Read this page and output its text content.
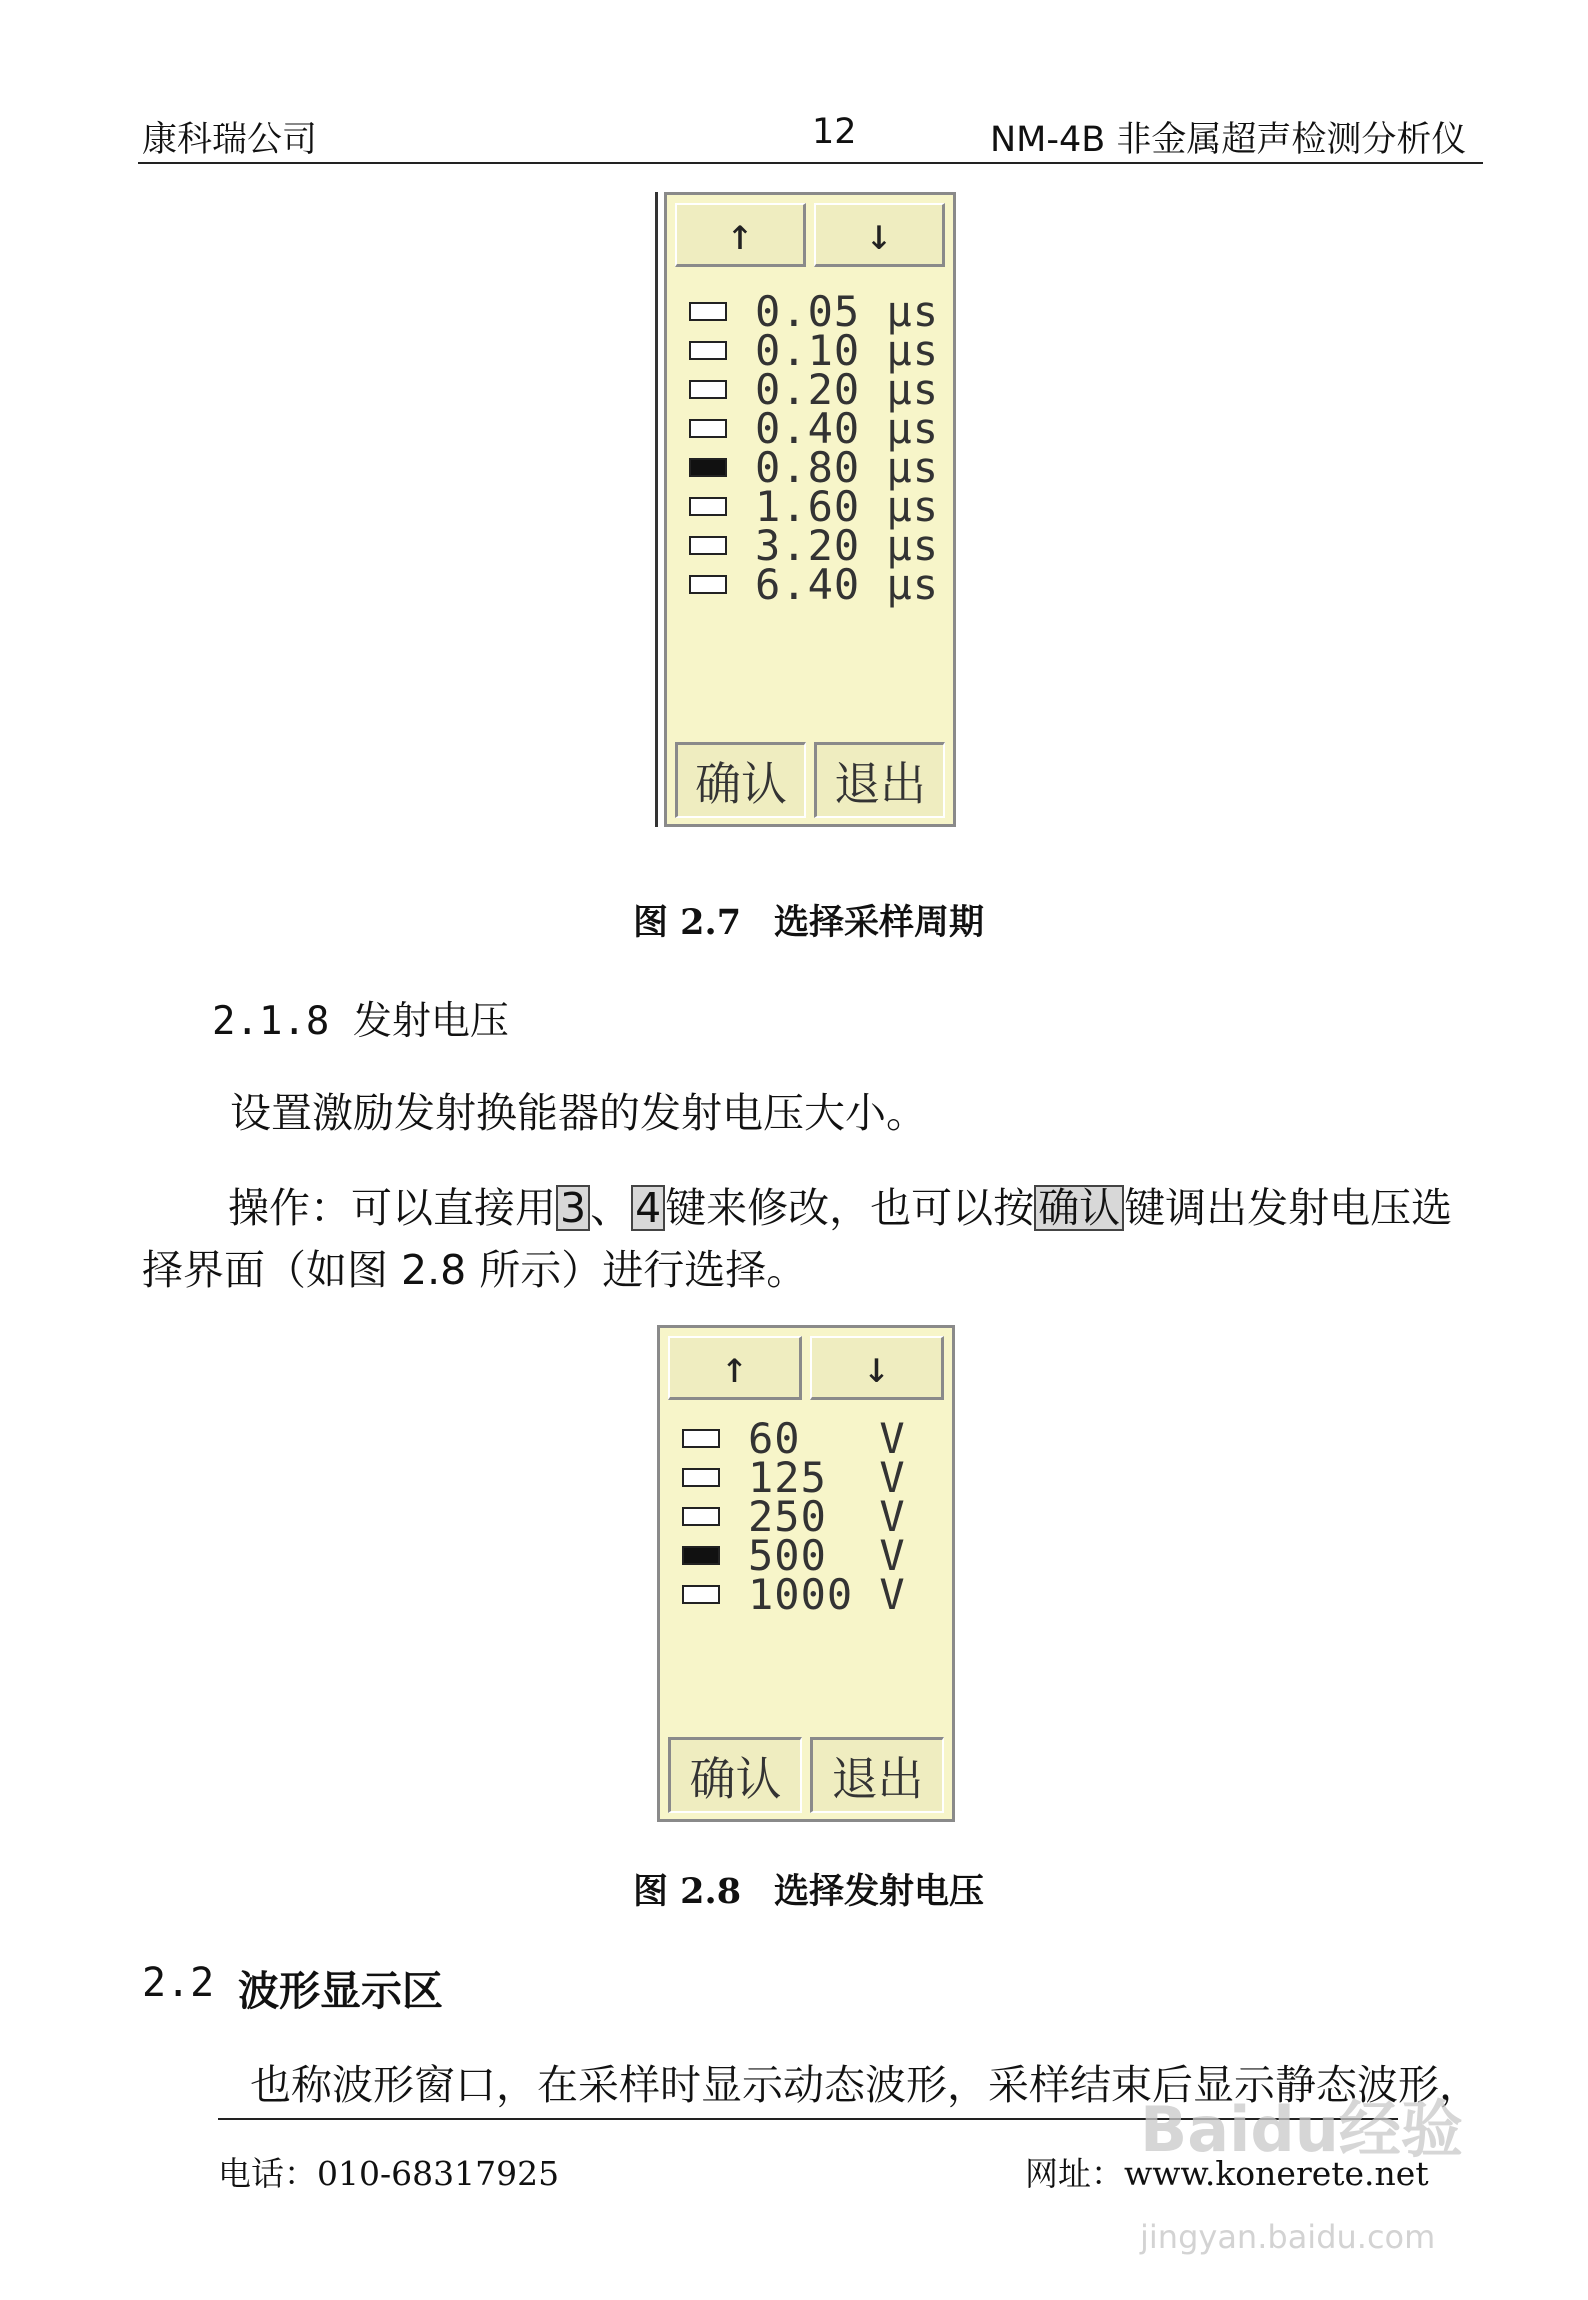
康科瑞公司	12	NM-4B 非金属超声检测分析仪
↑	↓
0.05 μs
0.10 μs
0.20 μs
0.40 μs
0.80 μs
1.60 μs
3.20 μs
6.40 μs
确认	退出
图 2.7 选择采样周期
2.1.8 发射电压
设置激励发射换能器的发射电压大小。
操作：可以直接用3、4键来修改，也可以按确认键调出发射电压选
择界面（如图 2.8 所示）进行选择。
↑	↓
60   V
125  V
250  V
500  V
1000 V
确认	退出
图 2.8 选择发射电压
2.2 波形显示区
也称波形窗口，在采样时显示动态波形，采样结束后显示静态波形，
电话：010-68317925	网址：www.konerete.net
Baidu经验
jingyan.baidu.com
